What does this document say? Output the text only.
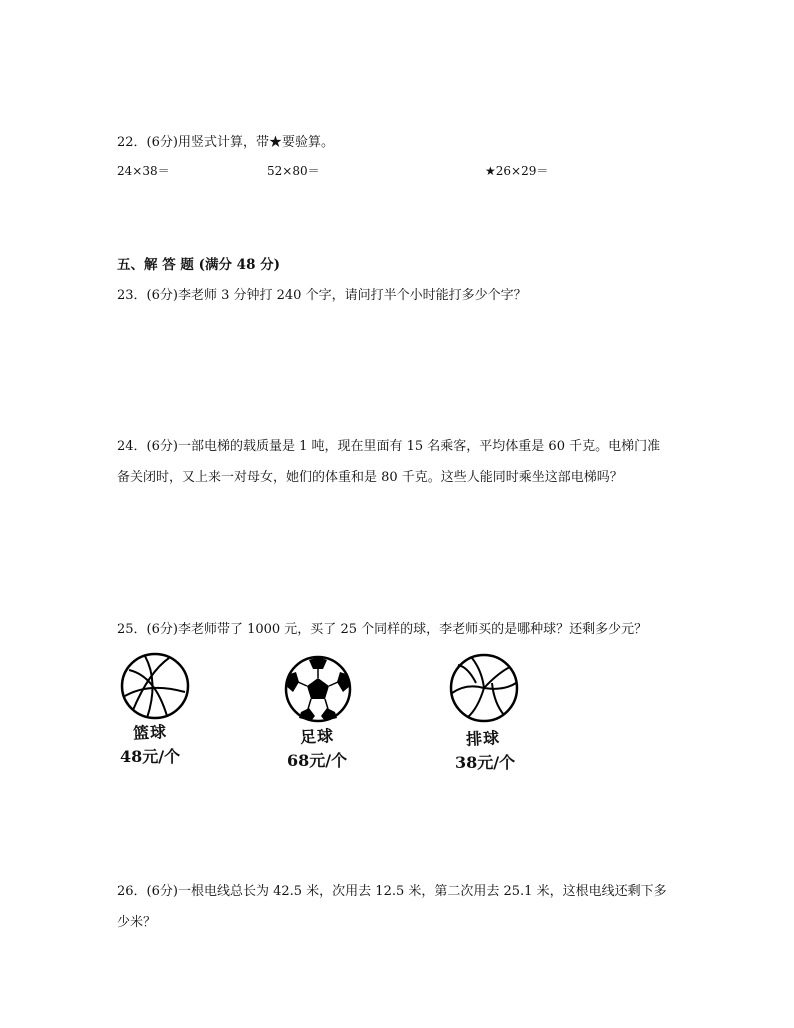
22．(6分)用竖式计算，带★要验算。
24×38＝	52×80＝	★26×29＝
五、解 答 题 (满分 48 分)
23．(6分)李老师 3 分钟打 240 个字，请问打半个小时能打多少个字？
24．(6分)一部电梯的载质量是 1 吨，现在里面有 15 名乘客，平均体重是 60 千克。电梯门准
备关闭时，又上来一对母女，她们的体重和是 80 千克。这些人能同时乘坐这部电梯吗？
25．(6分)李老师带了 1000 元，买了 25 个同样的球，李老师买的是哪种球？还剩多少元？
篮球
48元/个
足球
68元/个
排球
38元/个
26．(6分)一根电线总长为 42.5 米，次用去 12.5 米，第二次用去 25.1 米，这根电线还剩下多
少米？
